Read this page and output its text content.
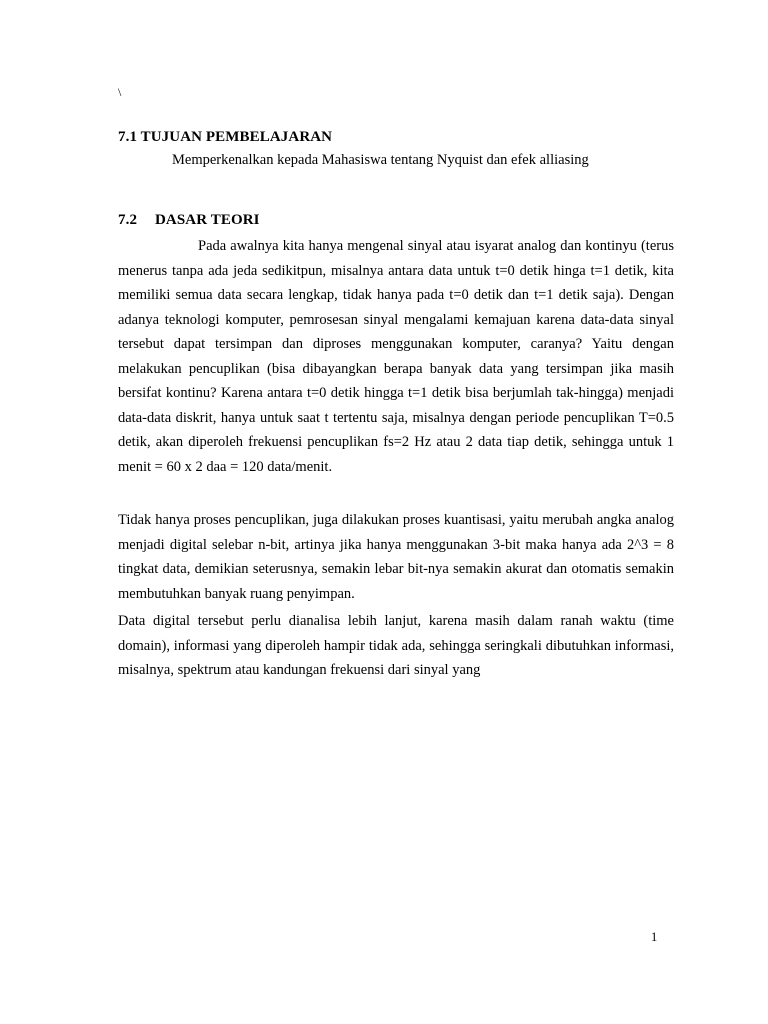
\
7.1 TUJUAN PEMBELAJARAN
Memperkenalkan kepada Mahasiswa tentang Nyquist dan efek alliasing
7.2 DASAR TEORI
Pada awalnya kita hanya mengenal sinyal atau isyarat analog dan kontinyu (terus menerus tanpa ada jeda sedikitpun, misalnya antara data untuk t=0 detik hinga t=1 detik, kita memiliki semua data secara lengkap, tidak hanya pada t=0 detik dan t=1 detik saja). Dengan adanya teknologi komputer, pemrosesan sinyal mengalami kemajuan karena data-data sinyal tersebut dapat tersimpan dan diproses menggunakan komputer, caranya? Yaitu dengan melakukan pencuplikan (bisa dibayangkan berapa banyak data yang tersimpan jika masih bersifat kontinu? Karena antara t=0 detik hingga t=1 detik bisa berjumlah tak-hingga) menjadi data-data diskrit, hanya untuk saat t tertentu saja, misalnya dengan periode pencuplikan T=0.5 detik, akan diperoleh frekuensi pencuplikan fs=2 Hz atau 2 data tiap detik, sehingga untuk 1 menit = 60 x 2 daa = 120 data/menit.
Tidak hanya proses pencuplikan, juga dilakukan proses kuantisasi, yaitu merubah angka analog menjadi digital selebar n-bit, artinya jika hanya menggunakan 3-bit maka hanya ada 2^3 = 8 tingkat data, demikian seterusnya, semakin lebar bit-nya semakin akurat dan otomatis semakin membutuhkan banyak ruang penyimpan.
Data digital tersebut perlu dianalisa lebih lanjut, karena masih dalam ranah waktu (time domain), informasi yang diperoleh hampir tidak ada, sehingga seringkali dibutuhkan informasi, misalnya, spektrum atau kandungan frekuensi dari sinyal yang
1
